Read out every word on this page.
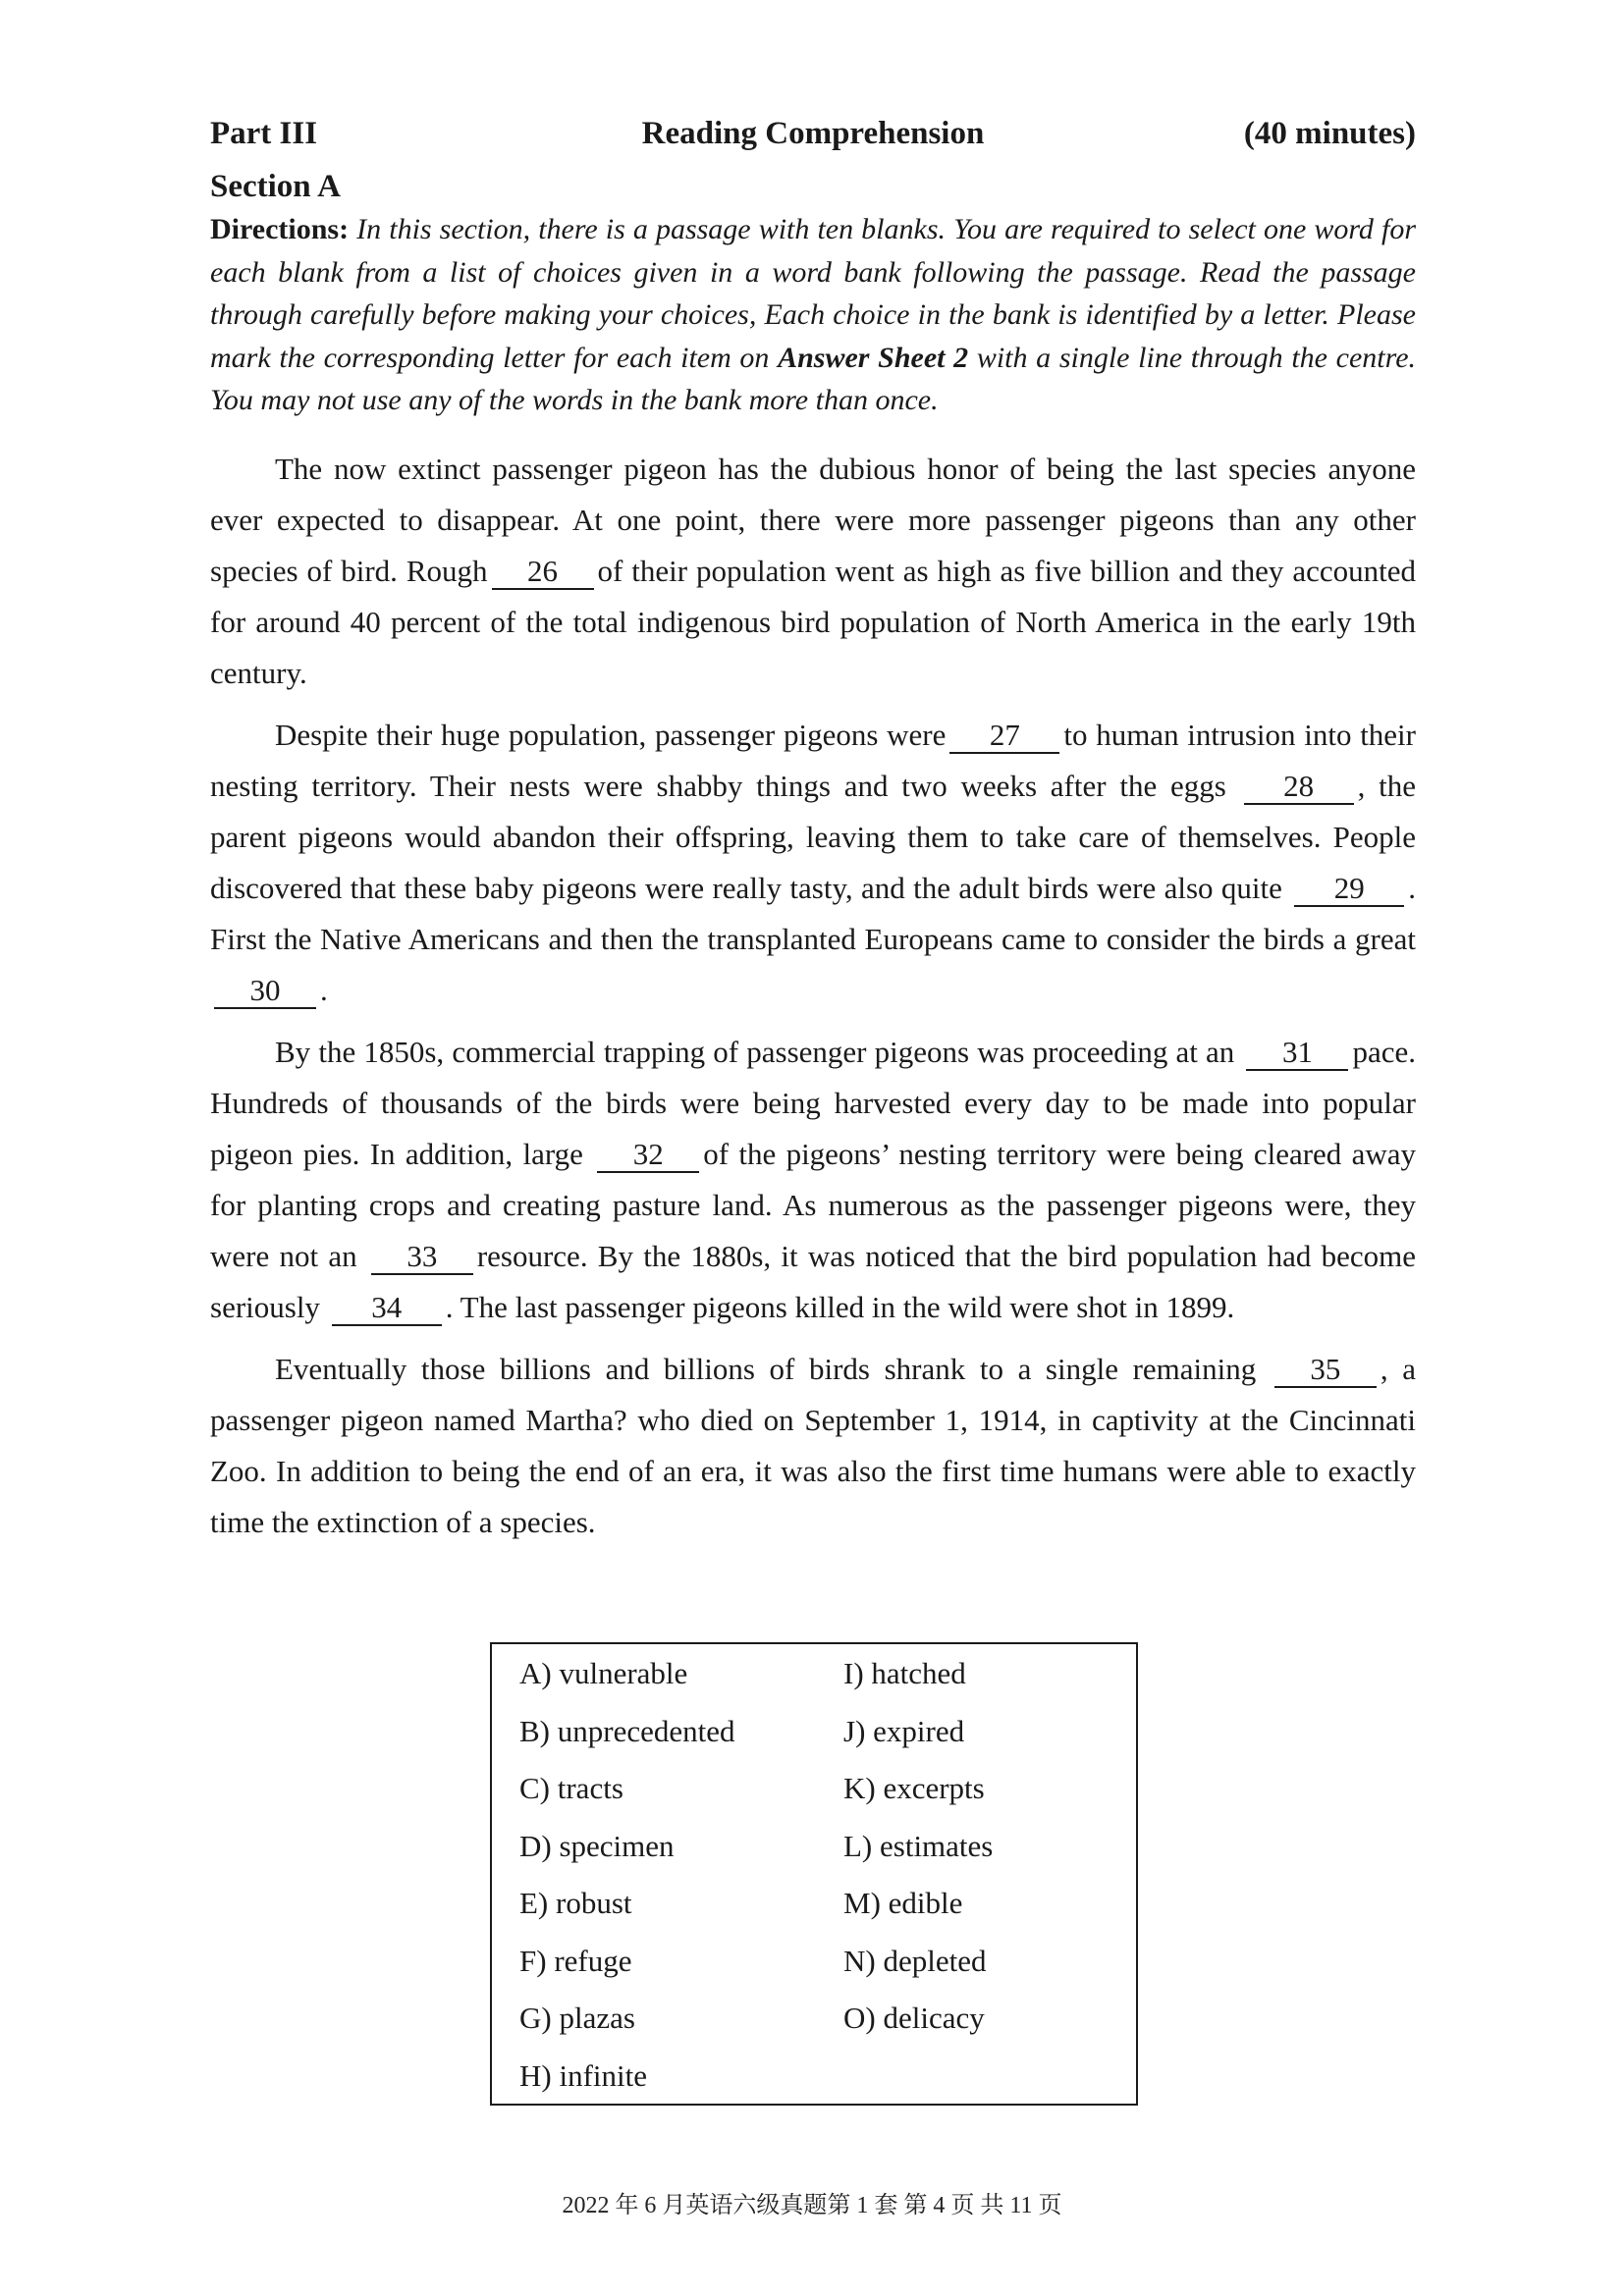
Part III	Reading Comprehension	(40 minutes)
Section A
Directions: In this section, there is a passage with ten blanks. You are required to select one word for each blank from a list of choices given in a word bank following the passage. Read the passage through carefully before making your choices, Each choice in the bank is identified by a letter. Please mark the corresponding letter for each item on Answer Sheet 2 with a single line through the centre. You may not use any of the words in the bank more than once.

The now extinct passenger pigeon has the dubious honor of being the last species anyone ever expected to disappear. At one point, there were more passenger pigeons than any other species of bird. Rough 26 of their population went as high as five billion and they accounted for around 40 percent of the total indigenous bird population of North America in the early 19th century.

Despite their huge population, passenger pigeons were 27 to human intrusion into their nesting territory. Their nests were shabby things and two weeks after the eggs 28 , the parent pigeons would abandon their offspring, leaving them to take care of themselves. People discovered that these baby pigeons were really tasty, and the adult birds were also quite 29 . First the Native Americans and then the transplanted Europeans came to consider the birds a great 30 .

By the 1850s, commercial trapping of passenger pigeons was proceeding at an 31 pace. Hundreds of thousands of the birds were being harvested every day to be made into popular pigeon pies. In addition, large 32 of the pigeons’ nesting territory were being cleared away for planting crops and creating pasture land. As numerous as the passenger pigeons were, they were not an 33 resource. By the 1880s, it was noticed that the bird population had become seriously 34 . The last passenger pigeons killed in the wild were shot in 1899.

Eventually those billions and billions of birds shrank to a single remaining 35 , a passenger pigeon named Martha? who died on September 1, 1914, in captivity at the Cincinnati Zoo. In addition to being the end of an era, it was also the first time humans were able to exactly time the extinction of a species.

A) vulnerable
B) unprecedented
C) tracts
D) specimen
E) robust
F) refuge
G) plazas
H) infinite
I) hatched
J) expired
K) excerpts
L) estimates
M) edible
N) depleted
O) delicacy
2022 年 6 月英语六级真题第 1 套 第 4 页 共 11 页
